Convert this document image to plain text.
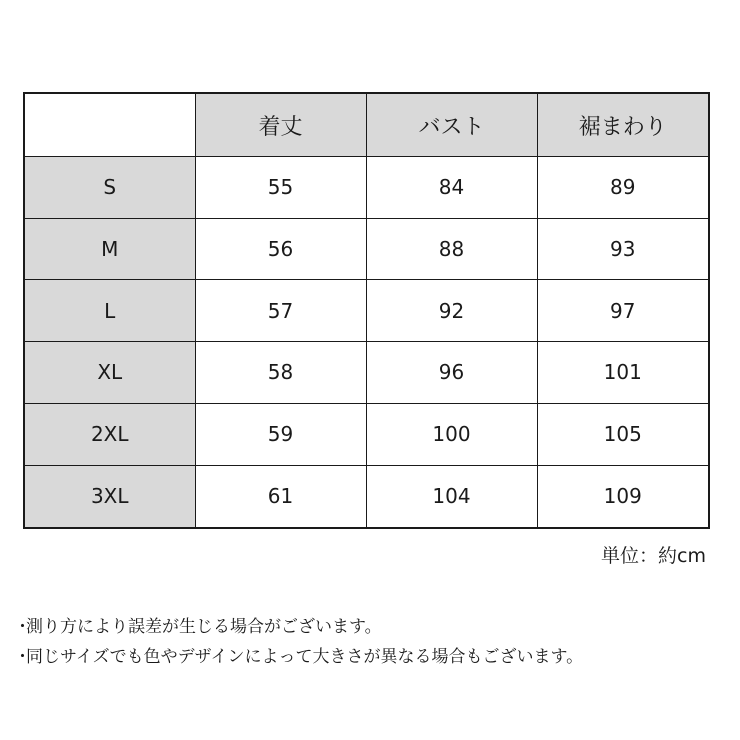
	着丈	バスト	裾まわり
S	55	84	89
M	56	88	93
L	57	92	97
XL	58	96	101
2XL	59	100	105
3XL	61	104	109
単位：約cm
・測り方により誤差が生じる場合がございます。
・同じサイズでも色やデザインによって大きさが異なる場合もございます。
